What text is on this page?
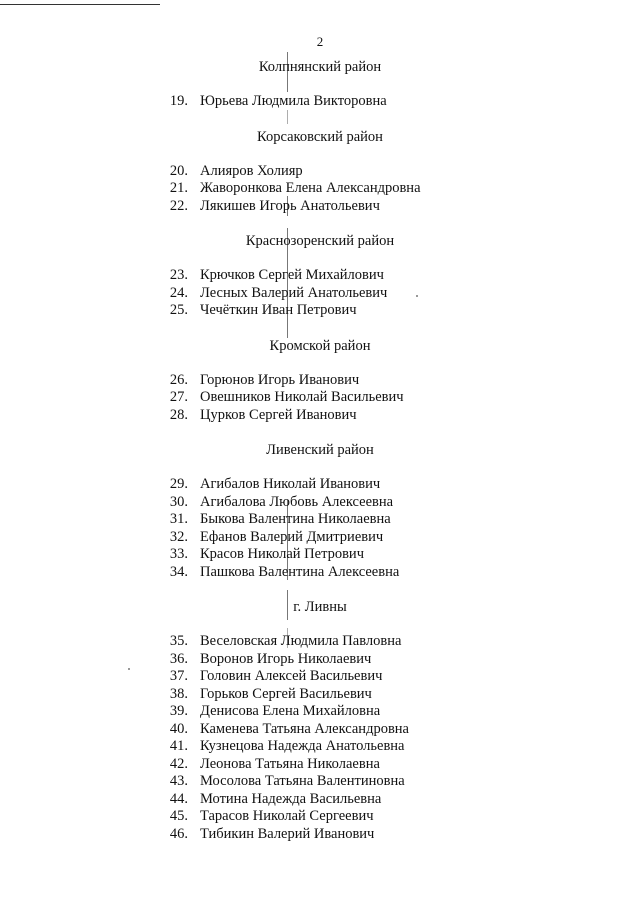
2
Колпнянский район
19. Юрьева Людмила Викторовна
Корсаковский район
20. Алияров Холияр
21. Жаворонкова Елена Александровна
22. Лякишев Игорь Анатольевич
Краснозоренский район
23. Крючков Сергей Михайлович
24. Лесных Валерий Анатольевич
25. Чечёткин Иван Петрович
Кромской район
26. Горюнов Игорь Иванович
27. Овешников Николай Васильевич
28. Цурков Сергей Иванович
Ливенский район
29. Агибалов Николай Иванович
30. Агибалова Любовь Алексеевна
31. Быкова Валентина Николаевна
32. Ефанов Валерий Дмитриевич
33. Красов Николай Петрович
34. Пашкова Валентина Алексеевна
г. Ливны
35. Веселовская Людмила Павловна
36. Воронов Игорь Николаевич
37. Головин Алексей Васильевич
38. Горьков Сергей Васильевич
39. Денисова Елена Михайловна
40. Каменева Татьяна Александровна
41. Кузнецова Надежда Анатольевна
42. Леонова Татьяна Николаевна
43. Мосолова Татьяна Валентиновна
44. Мотина Надежда Васильевна
45. Тарасов Николай Сергеевич
46. Тибикин Валерий Иванович
